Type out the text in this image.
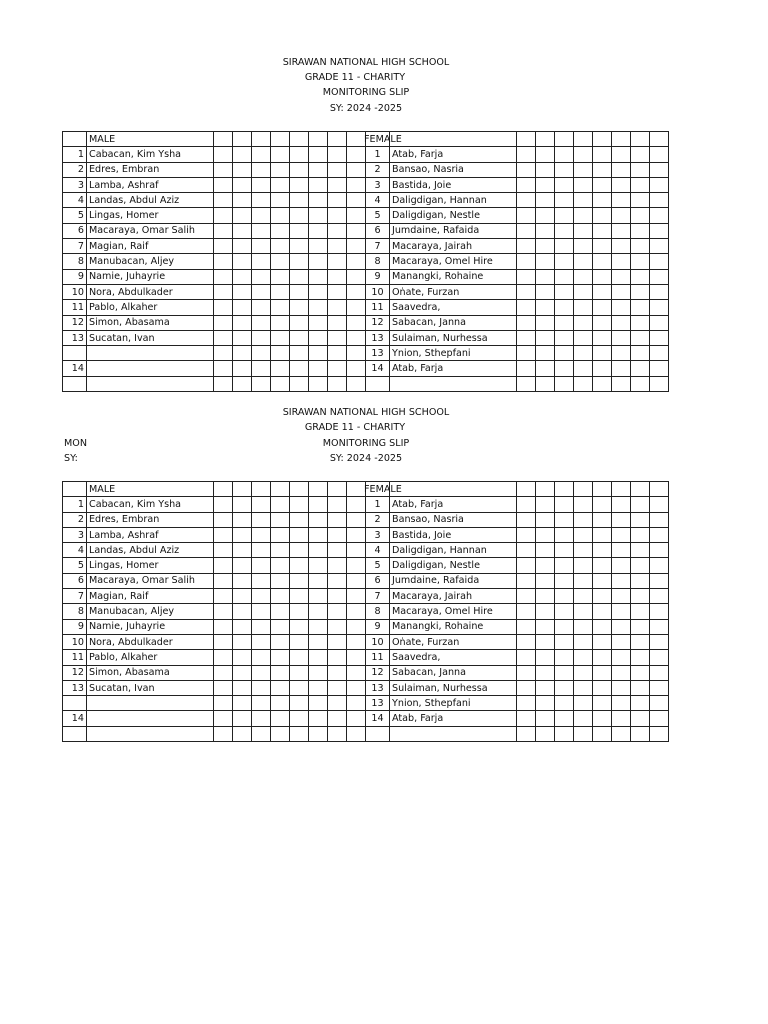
SIRAWAN NATIONAL HIGH SCHOOL
GRADE 11 - CHARITY
MONITORING SLIP
SY: 2024 -2025
	MALE										FEMALE								
1	Cabacan, Kim Ysha									1	Atab, Farja								
2	Edres, Embran									2	Bansao, Nasria								
3	Lamba, Ashraf									3	Bastida, Joie								
4	Landas, Abdul Aziz									4	Daligdigan, Hannan								
5	Lingas, Homer									5	Daligdigan, Nestle								
6	Macaraya, Omar Salih									6	Jumdaine, Rafaida								
7	Magian, Raif									7	Macaraya, Jairah								
8	Manubacan, Aljey									8	Macaraya, Omel Hire								
9	Namie, Juhayrie									9	Manangki, Rohaine								
10	Nora, Abdulkader									10	Oṅate, Furzan								
11	Pablo, Alkaher									11	Saavedra,								
12	Simon, Abasama									12	Sabacan, Janna								
13	Sucatan, Ivan									13	Sulaiman, Nurhessa								
										13	Ynion, Sthepfani								
14										14	Atab, Farja								

SIRAWAN NATIONAL HIGH SCHOOL
GRADE 11 - CHARITY
MON	MONITORING SLIP
SY:	SY: 2024 -2025
	MALE										FEMALE								
1	Cabacan, Kim Ysha									1	Atab, Farja								
2	Edres, Embran									2	Bansao, Nasria								
3	Lamba, Ashraf									3	Bastida, Joie								
4	Landas, Abdul Aziz									4	Daligdigan, Hannan								
5	Lingas, Homer									5	Daligdigan, Nestle								
6	Macaraya, Omar Salih									6	Jumdaine, Rafaida								
7	Magian, Raif									7	Macaraya, Jairah								
8	Manubacan, Aljey									8	Macaraya, Omel Hire								
9	Namie, Juhayrie									9	Manangki, Rohaine								
10	Nora, Abdulkader									10	Oṅate, Furzan								
11	Pablo, Alkaher									11	Saavedra,								
12	Simon, Abasama									12	Sabacan, Janna								
13	Sucatan, Ivan									13	Sulaiman, Nurhessa								
										13	Ynion, Sthepfani								
14										14	Atab, Farja								
